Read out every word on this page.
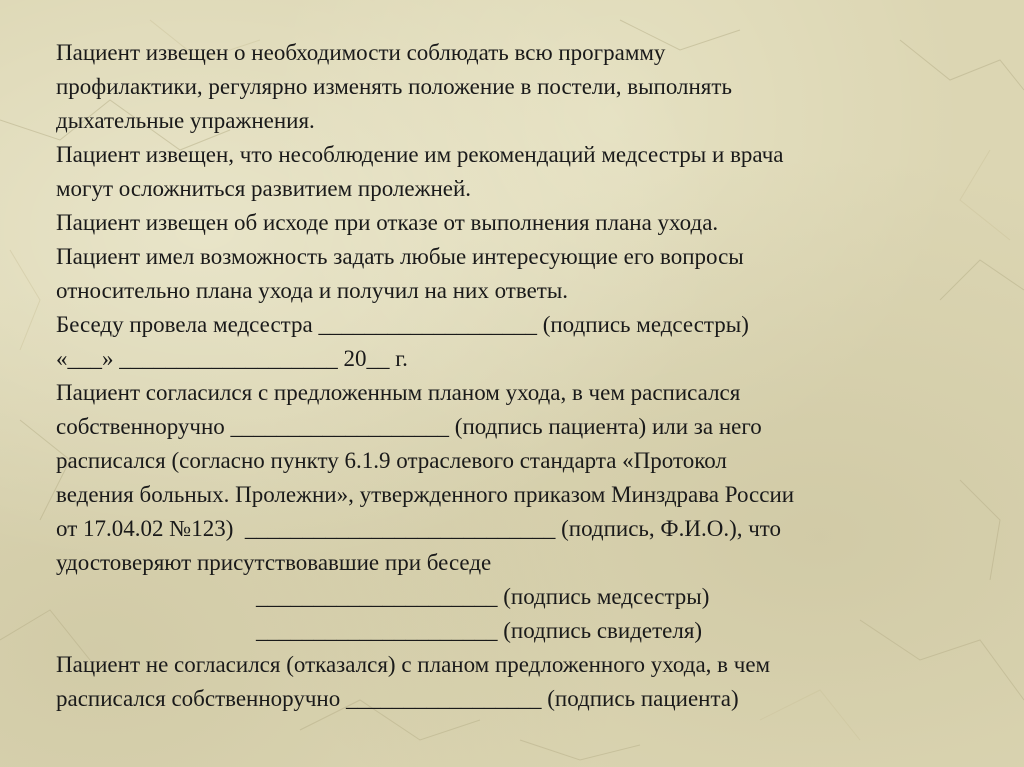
Пациент извещен о необходимости соблюдать всю программу
профилактики, регулярно изменять положение в постели, выполнять
дыхательные упражнения.
Пациент извещен, что несоблюдение им рекомендаций медсестры и врача
могут осложниться развитием пролежней.
Пациент извещен об исходе при отказе от выполнения плана ухода.
Пациент имел возможность задать любые интересующие его вопросы
относительно плана ухода и получил на них ответы.
Беседу провела медсестра ___________________ (подпись медсестры)
«___» ___________________ 20__ г.
Пациент согласился с предложенным планом ухода, в чем расписался
собственноручно ___________________ (подпись пациента) или за него
расписался (согласно пункту 6.1.9 отраслевого стандарта «Протокол
ведения больных. Пролежни», утвержденного приказом Минздрава России
от 17.04.02 №123)  ___________________________ (подпись, Ф.И.О.), что
удостоверяют присутствовавшие при беседе
_____________________ (подпись медсестры)
_____________________ (подпись свидетеля)
Пациент не согласился (отказался) с планом предложенного ухода, в чем
расписался собственноручно _________________ (подпись пациента)
